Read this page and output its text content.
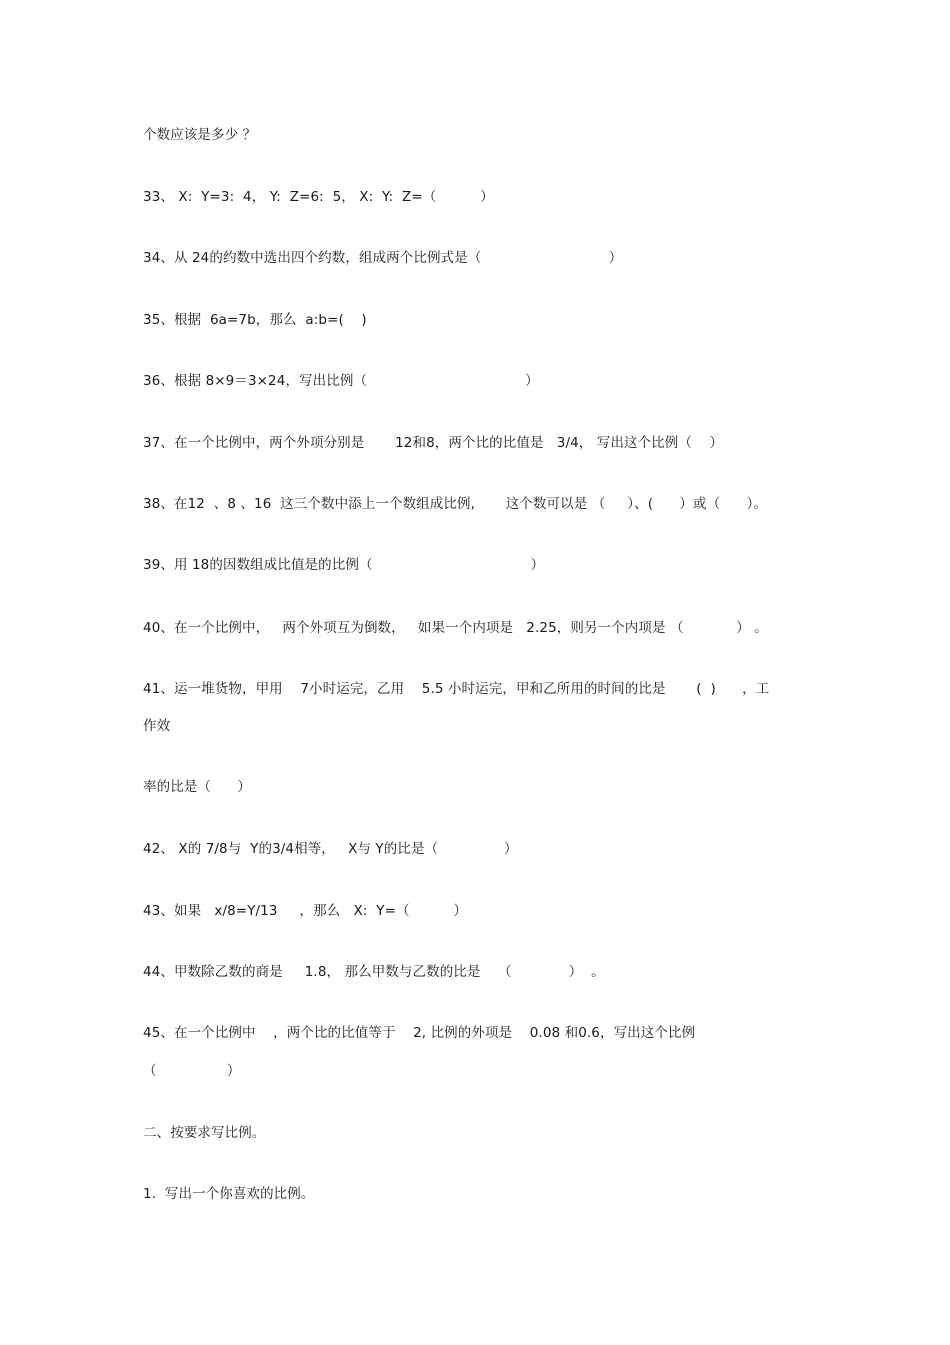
个数应该是多少 ？
33、 X:  Y=3:  4， Y:  Z=6:  5， X:  Y:  Z=（          ）
34、从 24的约数中选出四个约数，组成两个比例式是（                             ）
35、根据  6a=7b，那么  a:b=(    )
36、根据 8×9＝3×24，写出比例（                                    ）
37、在一个比例中，两个外项分别是       12和8，两个比的比值是   3/4， 写出这个比例（    ）
38、在12  、8 、16  这三个数中添上一个数组成比例,       这个数可以是 （     ）、(      ）或（      ）。
39、用 18的因数组成比值是的比例（                                    ）
40、在一个比例中，   两个外项互为倒数，   如果一个内项是   2.25，则另一个内项是 （            ） 。
41、运一堆货物，甲用    7小时运完，乙用    5.5 小时运完，甲和乙所用的时间的比是       (  )      ，工
作效
率的比是（      ）
42、 X的 7/8与  Y的3/4相等，   X与 Y的比是（               ）
43、如果   x/8=Y/13     ，那么   X:  Y=（          ）
44、甲数除乙数的商是     1.8， 那么甲数与乙数的比是    （             ）  。
45、在一个比例中    ，两个比的比值等于    2, 比例的外项是    0.08 和0.6，写出这个比例
（                ）
二、按要求写比例。
1.  写出一个你喜欢的比例。
